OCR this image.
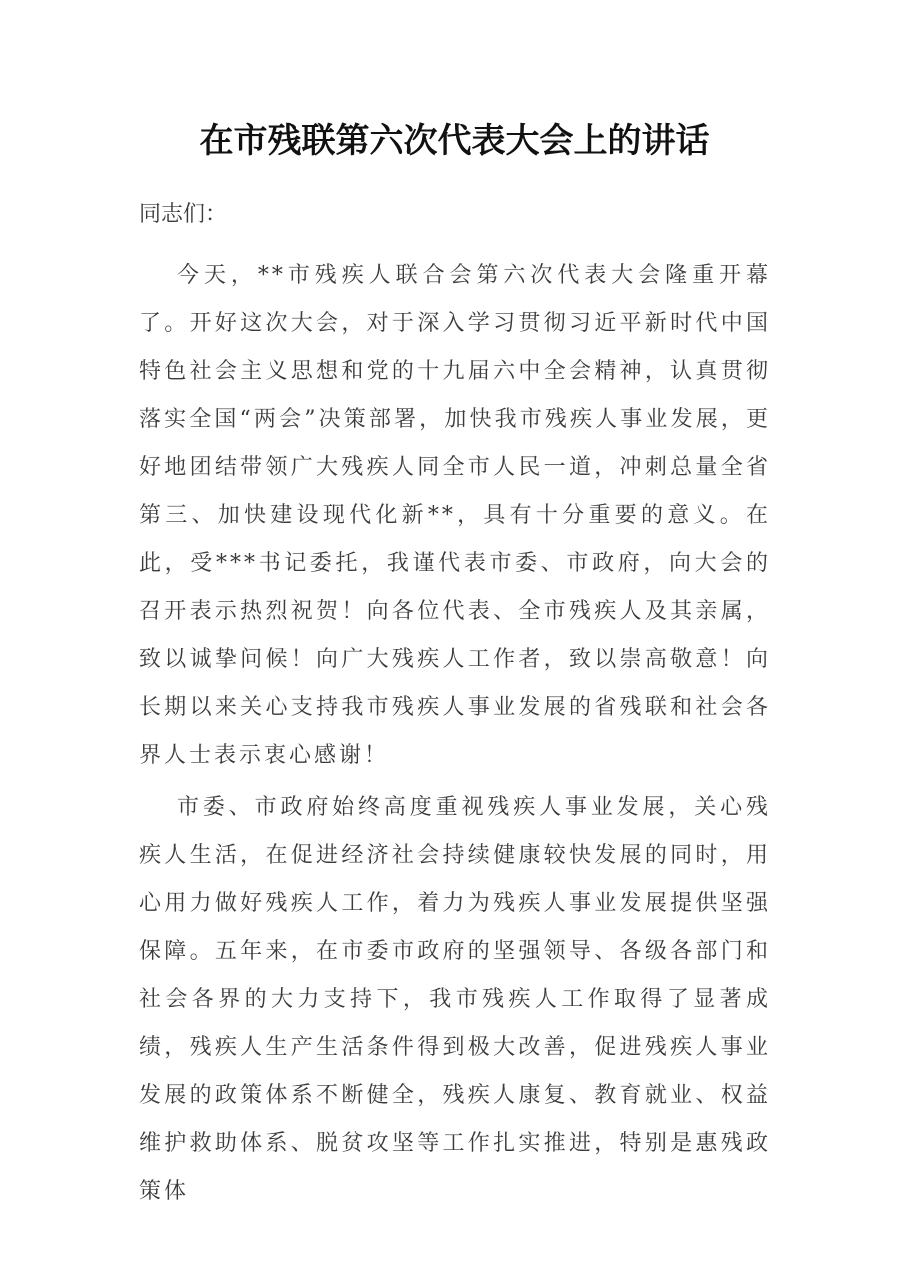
在市残联第六次代表大会上的讲话
同志们：

今天，**市残疾人联合会第六次代表大会隆重开幕了。开好这次大会，对于深入学习贯彻习近平新时代中国特色社会主义思想和党的十九届六中全会精神，认真贯彻落实全国“两会”决策部署，加快我市残疾人事业发展，更好地团结带领广大残疾人同全市人民一道，冲刺总量全省第三、加快建设现代化新**，具有十分重要的意义。在此，受***书记委托，我谨代表市委、市政府，向大会的召开表示热烈祝贺！向各位代表、全市残疾人及其亲属，致以诚挚问候！向广大残疾人工作者，致以崇高敬意！向长期以来关心支持我市残疾人事业发展的省残联和社会各界人士表示衷心感谢！

市委、市政府始终高度重视残疾人事业发展，关心残疾人生活，在促进经济社会持续健康较快发展的同时，用心用力做好残疾人工作，着力为残疾人事业发展提供坚强保障。五年来，在市委市政府的坚强领导、各级各部门和社会各界的大力支持下，我市残疾人工作取得了显著成绩，残疾人生产生活条件得到极大改善，促进残疾人事业发展的政策体系不断健全，残疾人康复、教育就业、权益维护救助体系、脱贫攻坚等工作扎实推进，特别是惠残政策体
